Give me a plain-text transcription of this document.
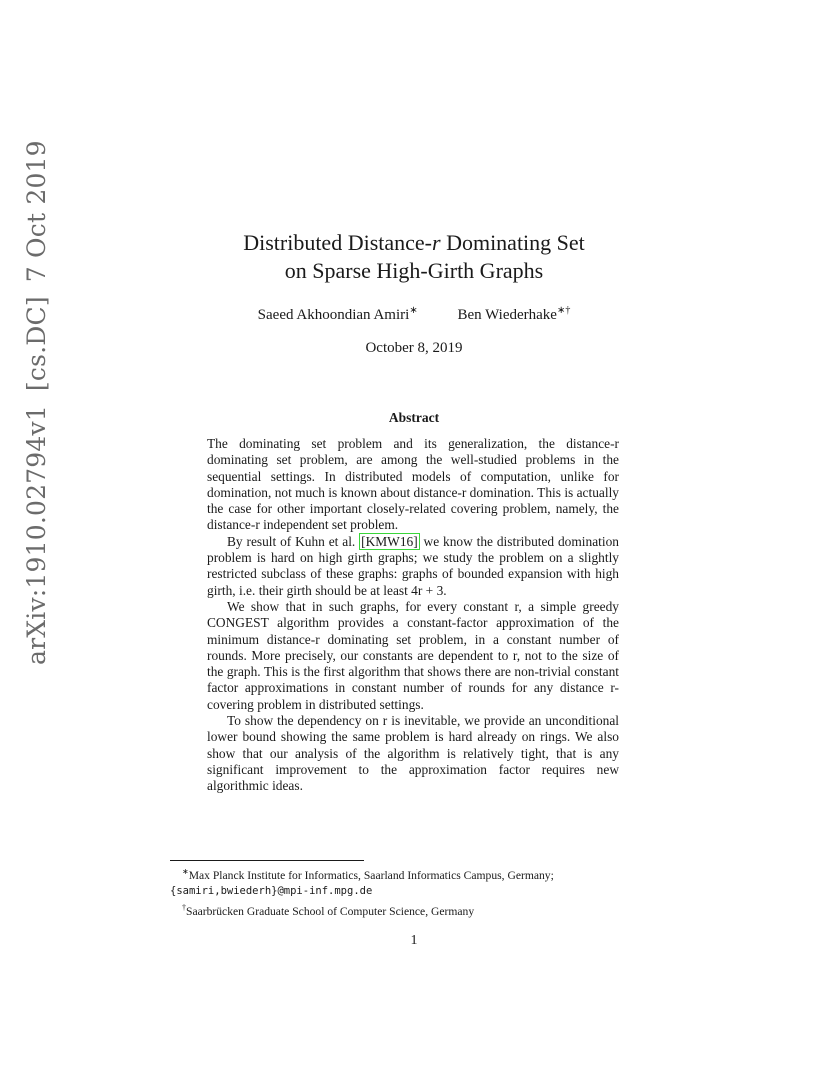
arXiv:1910.02794v1[cs.DC]7 Oct 2019	Distributed Distance-r Dominating Set
on Sparse High-Girth Graphs
Saeed Akhoondian Amiri∗	Ben Wiederhake∗†
October 8, 2019
Abstract

The dominating set problem and its generalization, the distance-r dominating set problem, are among the well-studied problems in the sequential settings. In distributed models of computation, unlike for domination, not much is known about distance-r domination. This is actually the case for other important closely-related covering problem, namely, the distance-r independent set problem.

By result of Kuhn et al. [KMW16] we know the distributed domination problem is hard on high girth graphs; we study the problem on a slightly restricted subclass of these graphs: graphs of bounded expansion with high girth, i.e. their girth should be at least 4r + 3.

We show that in such graphs, for every constant r, a simple greedy CONGEST algorithm provides a constant-factor approximation of the minimum distance-r dominating set problem, in a constant number of rounds. More precisely, our constants are dependent to r, not to the size of the graph. This is the first algorithm that shows there are non-trivial constant factor approximations in constant number of rounds for any distance r-covering problem in distributed settings.

To show the dependency on r is inevitable, we provide an unconditional lower bound showing the same problem is hard already on rings. We also show that our analysis of the algorithm is relatively tight, that is any significant improvement to the approximation factor requires new algorithmic ideas.

∗Max Planck Institute for Informatics, Saarland Informatics Campus, Germany;
{samiri,bwiederh}@mpi-inf.mpg.de

†Saarbrücken Graduate School of Computer Science, Germany

1
